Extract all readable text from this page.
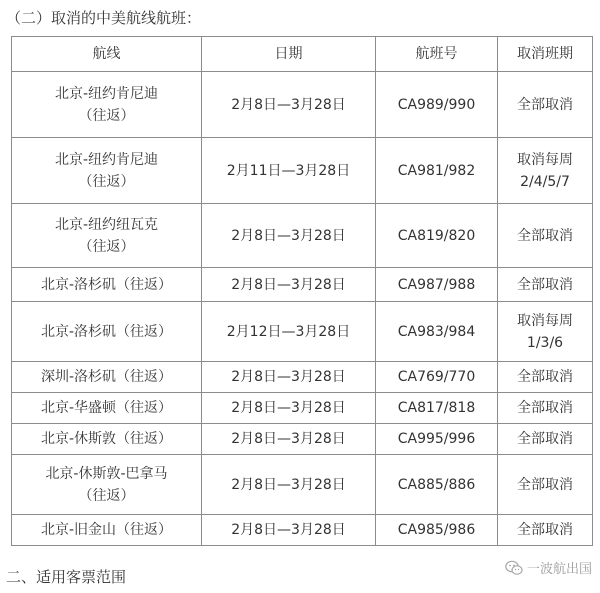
（二）取消的中美航线航班：
航线	日期	航班号	取消班期

北京-纽约肯尼迪
（往返）	2月8日—3月28日	CA989/990	全部取消

北京-纽约肯尼迪
（往返）	2月11日—3月28日	CA981/982	取消每周
2/4/5/7

北京-纽约纽瓦克
（往返）	2月8日—3月28日	CA819/820	全部取消

北京-洛杉矶（往返）	2月8日—3月28日	CA987/988	全部取消

北京-洛杉矶（往返）	2月12日—3月28日	CA983/984	取消每周
1/3/6

深圳-洛杉矶（往返）	2月8日—3月28日	CA769/770	全部取消

北京-华盛顿（往返）	2月8日—3月28日	CA817/818	全部取消

北京-休斯敦（往返）	2月8日—3月28日	CA995/996	全部取消

北京-休斯敦-巴拿马
（往返）	2月8日—3月28日	CA885/886	全部取消

北京-旧金山（往返）	2月8日—3月28日	CA985/986	全部取消
二、适用客票范围	一波航出国
